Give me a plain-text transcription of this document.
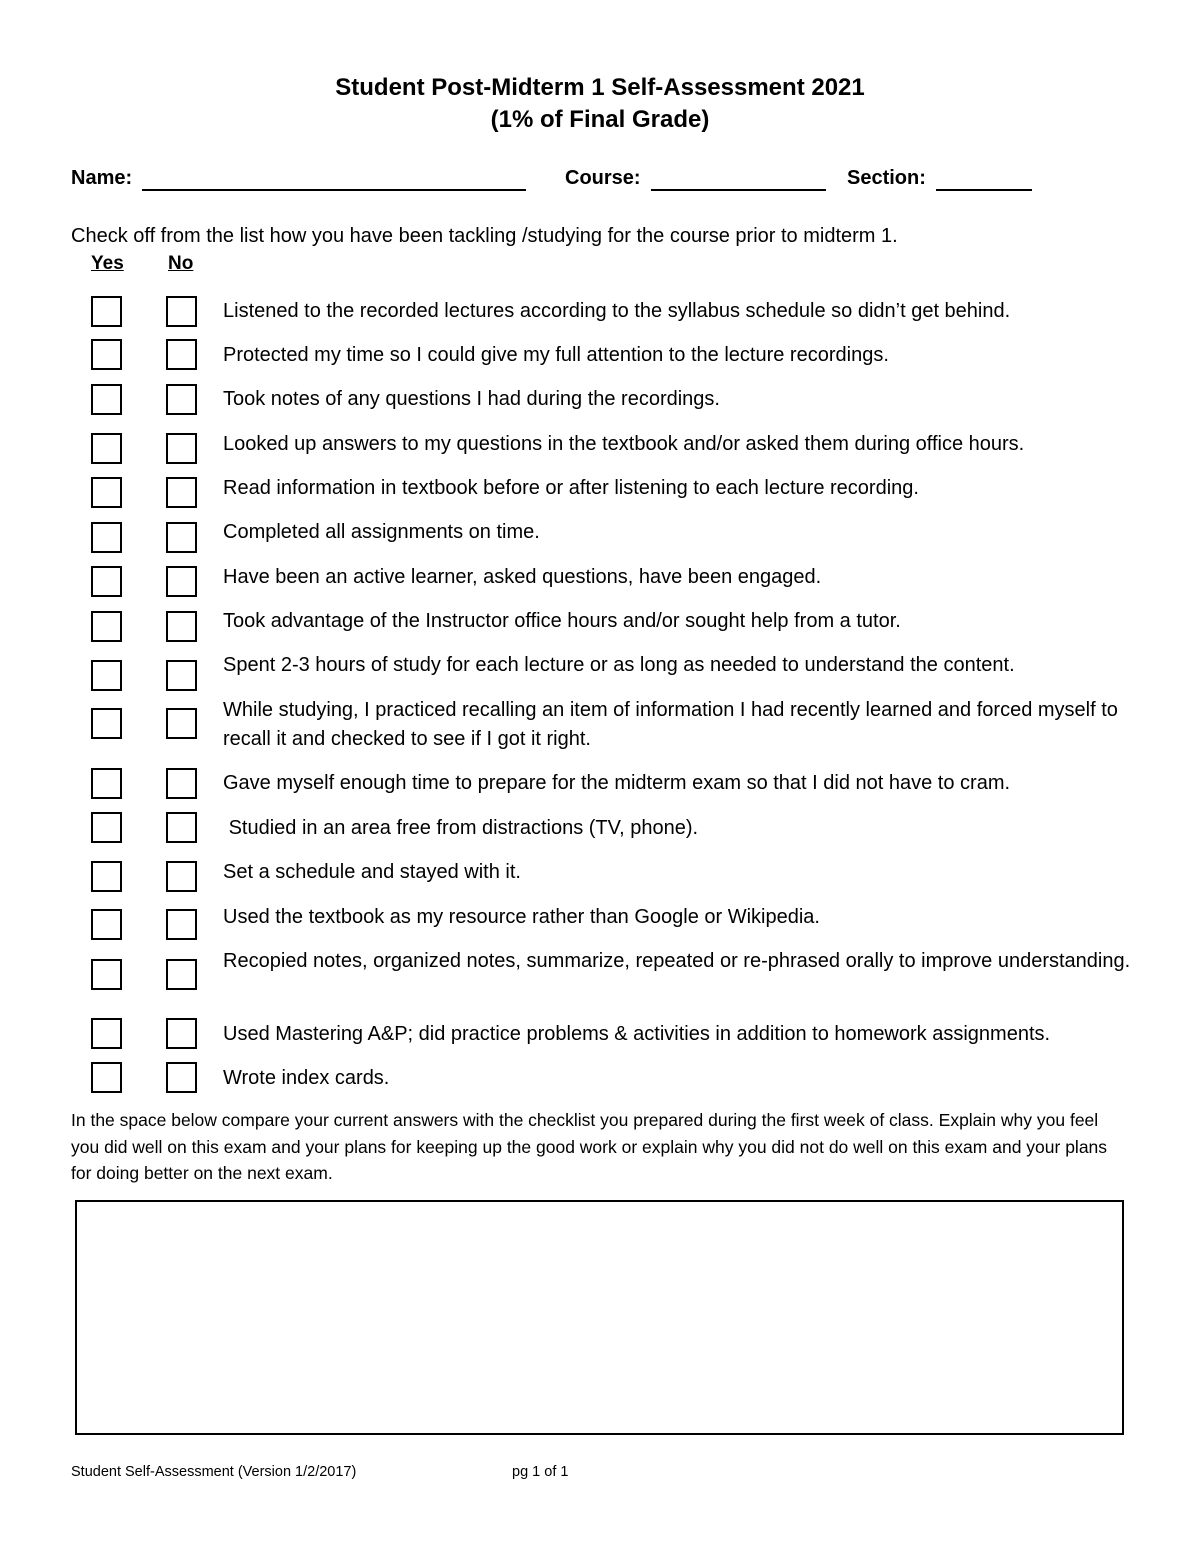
Student Post-Midterm 1 Self-Assessment 2021
(1% of Final Grade)
Name:	Course:	Section:
Check off from the list how you have been tackling /studying for the course prior to midterm 1.
Yes No
Listened to the recorded lectures according to the syllabus schedule so didn’t get behind.
Protected my time so I could give my full attention to the lecture recordings.
Took notes of any questions I had during the recordings.
Looked up answers to my questions in the textbook and/or asked them during office hours.
Read information in textbook before or after listening to each lecture recording.
Completed all assignments on time.
Have been an active learner, asked questions, have been engaged.
Took advantage of the Instructor office hours and/or sought help from a tutor.
Spent 2-3 hours of study for each lecture or as long as needed to understand the content.
While studying, I practiced recalling an item of information I had recently learned and forced myself to recall it and checked to see if I got it right.
Gave myself enough time to prepare for the midterm exam so that I did not have to cram.
Studied in an area free from distractions (TV, phone).
Set a schedule and stayed with it.
Used the textbook as my resource rather than Google or Wikipedia.
Recopied notes, organized notes, summarize, repeated or re-phrased orally to improve understanding.
Used Mastering A&P; did practice problems & activities in addition to homework assignments.
Wrote index cards.
In the space below compare your current answers with the checklist you prepared during the first week of class. Explain why you feel you did well on this exam and your plans for keeping up the good work or explain why you did not do well on this exam and your plans for doing better on the next exam.
Student Self-Assessment (Version 1/2/2017)	pg 1 of 1
